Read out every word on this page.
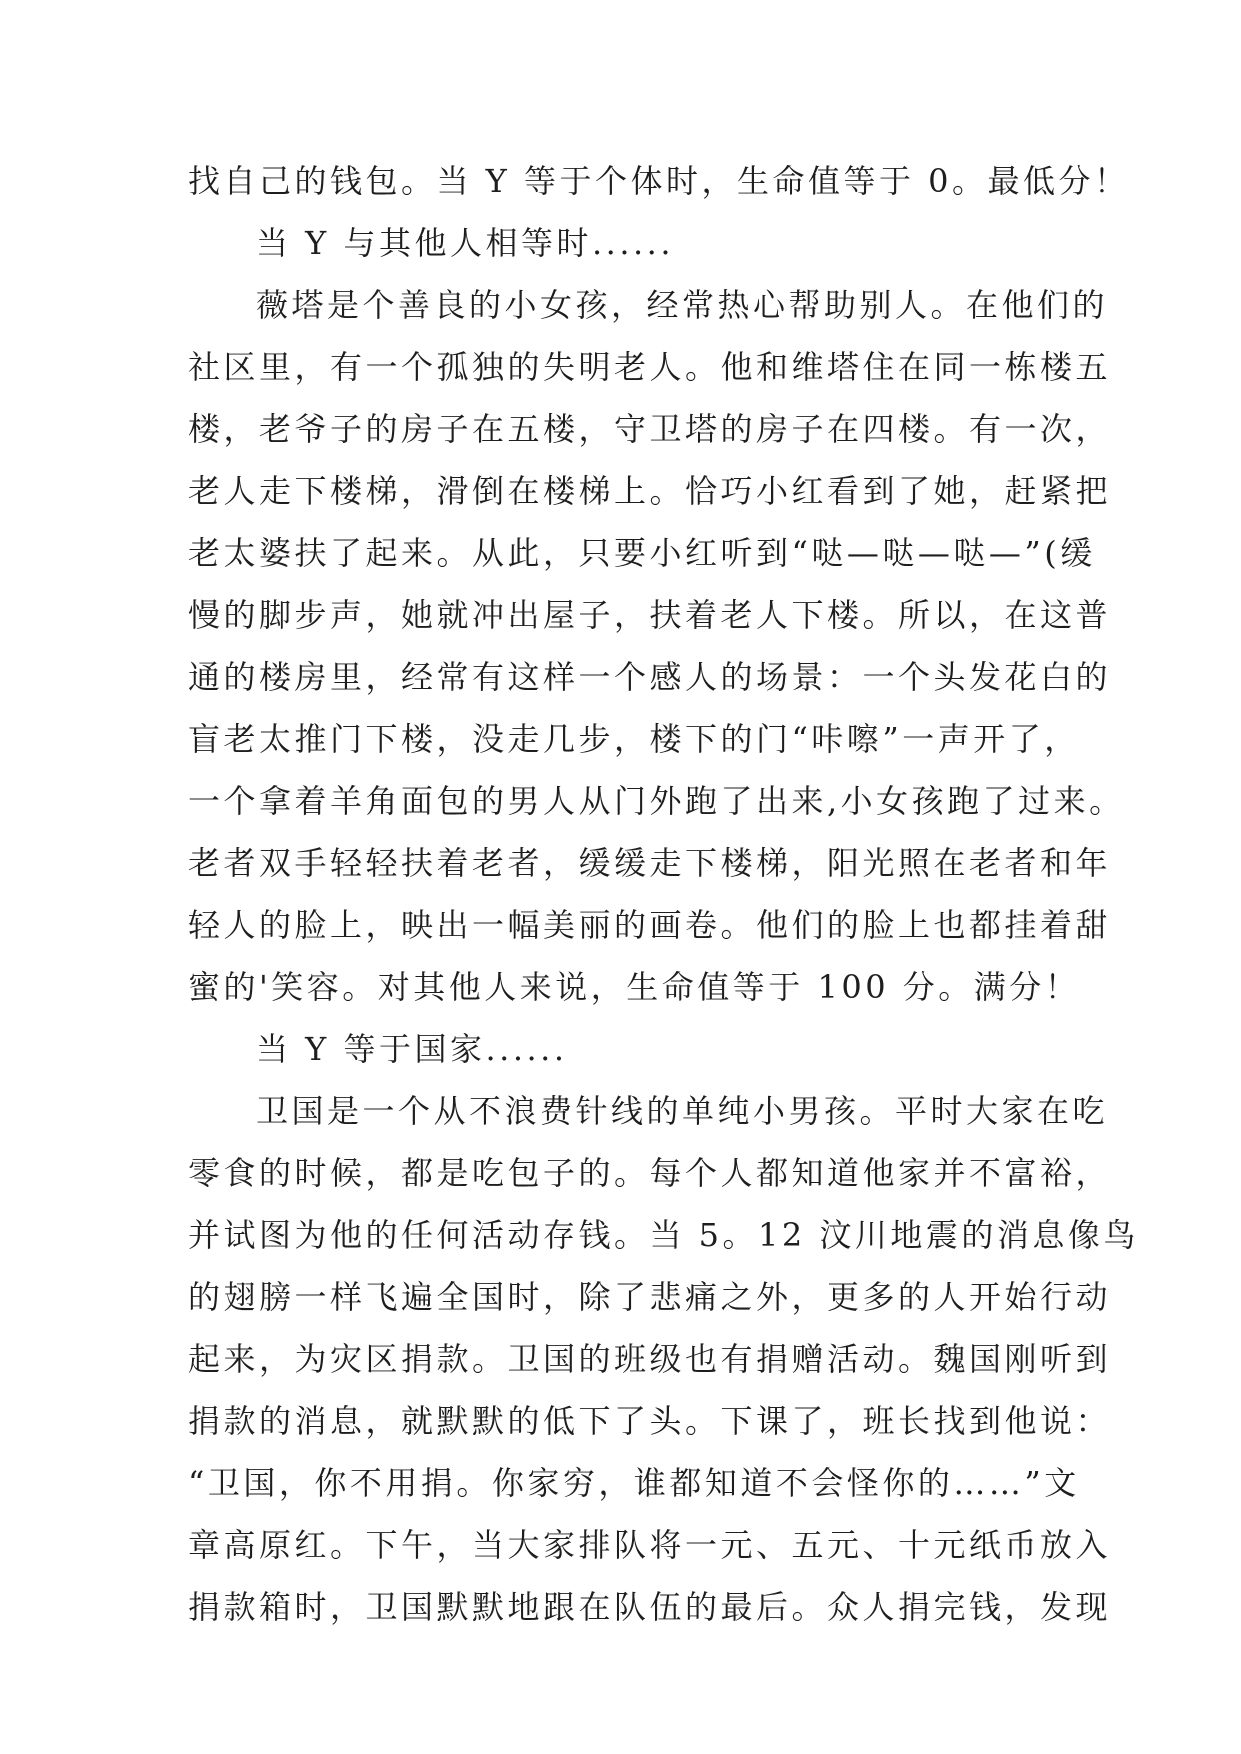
找自己的钱包。当 Y 等于个体时，生命值等于 0。最低分！
当 Y 与其他人相等时......
薇塔是个善良的小女孩，经常热心帮助别人。在他们的
社区里，有一个孤独的失明老人。他和维塔住在同一栋楼五
楼，老爷子的房子在五楼，守卫塔的房子在四楼。有一次，
老人走下楼梯，滑倒在楼梯上。恰巧小红看到了她，赶紧把
老太婆扶了起来。从此，只要小红听到“哒—哒—哒—”(缓
慢的脚步声，她就冲出屋子，扶着老人下楼。所以，在这普
通的楼房里，经常有这样一个感人的场景：一个头发花白的
盲老太推门下楼，没走几步，楼下的门“咔嚓”一声开了，
一个拿着羊角面包的男人从门外跑了出来,小女孩跑了过来。
老者双手轻轻扶着老者，缓缓走下楼梯，阳光照在老者和年
轻人的脸上，映出一幅美丽的画卷。他们的脸上也都挂着甜
蜜的'笑容。对其他人来说，生命值等于 100 分。满分！
当 Y 等于国家......
卫国是一个从不浪费针线的单纯小男孩。平时大家在吃
零食的时候，都是吃包子的。每个人都知道他家并不富裕，
并试图为他的任何活动存钱。当 5。12 汶川地震的消息像鸟
的翅膀一样飞遍全国时，除了悲痛之外，更多的人开始行动
起来，为灾区捐款。卫国的班级也有捐赠活动。魏国刚听到
捐款的消息，就默默的低下了头。下课了，班长找到他说：
“卫国，你不用捐。你家穷，谁都知道不会怪你的……”文
章高原红。下午，当大家排队将一元、五元、十元纸币放入
捐款箱时，卫国默默地跟在队伍的最后。众人捐完钱，发现
